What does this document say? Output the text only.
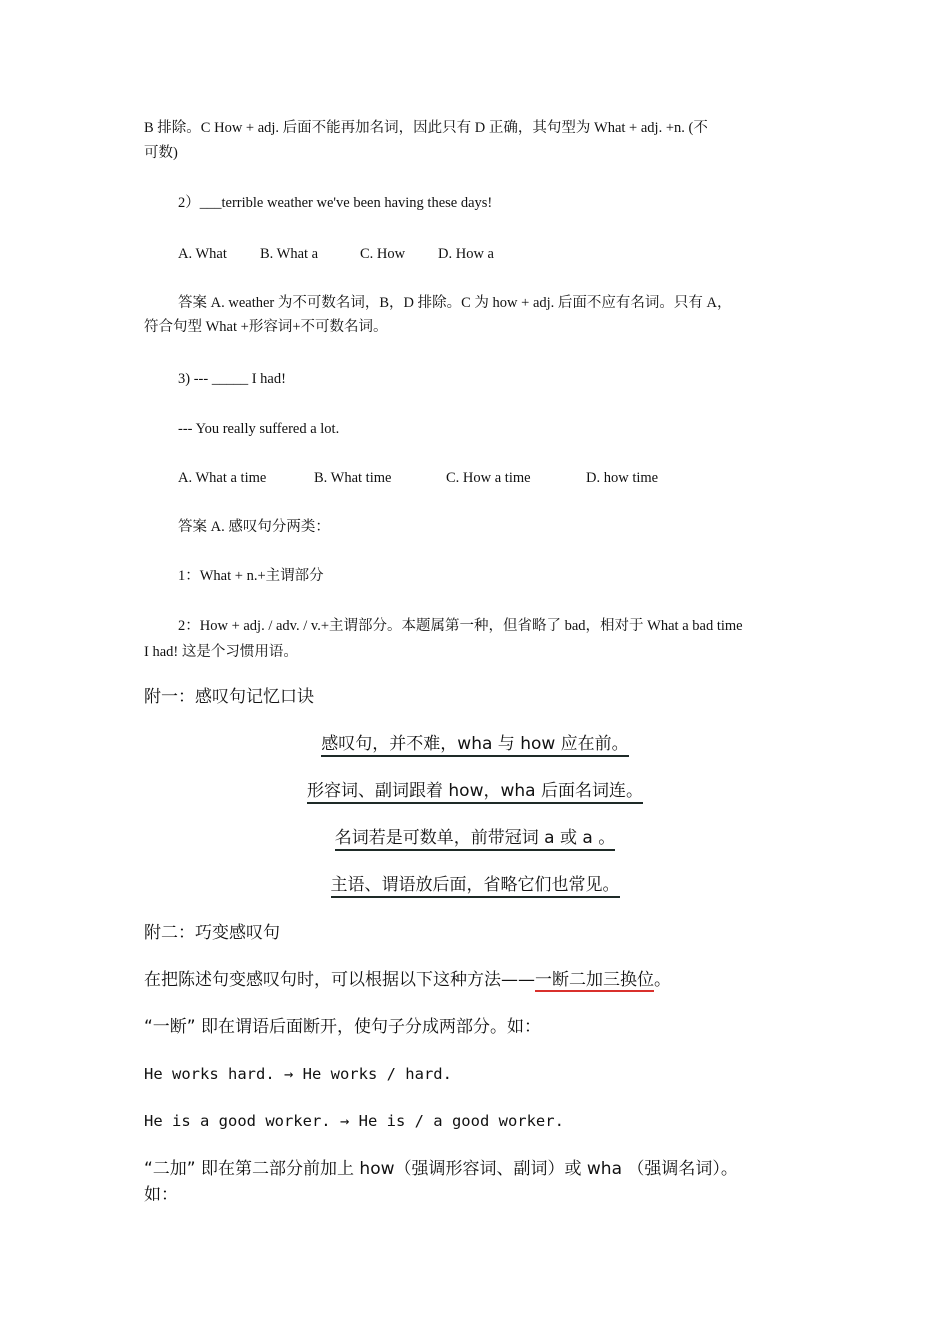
B 排除。C How + adj. 后面不能再加名词，因此只有 D 正确，其句型为 What + adj. +n. (不
可数)
2）___terrible weather we've been having these days!
A. What B. What a	C. How D. How a
答案 A. weather 为不可数名词，B，D 排除。C 为 how + adj. 后面不应有名词。只有 A，
符合句型 What +形容词+不可数名词。
3) --- _____ I had!
--- You really suffered a lot.
A. What a time	B. What time	C. How a time	D. how time
答案 A. 感叹句分两类：
1：What + n.+主谓部分
2：How + adj. / adv. / v.+主谓部分。本题属第一种，但省略了 bad，相对于 What a bad time
I had! 这是个习惯用语。
附一：感叹句记忆口诀
感叹句，并不难，wha 与 how 应在前。
形容词、副词跟着 how，wha 后面名词连。
名词若是可数单，前带冠词 a 或 a 。
主语、谓语放后面，省略它们也常见。
附二：巧变感叹句
在把陈述句变感叹句时，可以根据以下这种方法——一断二加三换位。
“一断” 即在谓语后面断开，使句子分成两部分。如：
He works hard. → He works / hard.
He is a good worker. → He is / a good worker.
“二加” 即在第二部分前加上 how（强调形容词、副词）或 wha （强调名词）。
如：
